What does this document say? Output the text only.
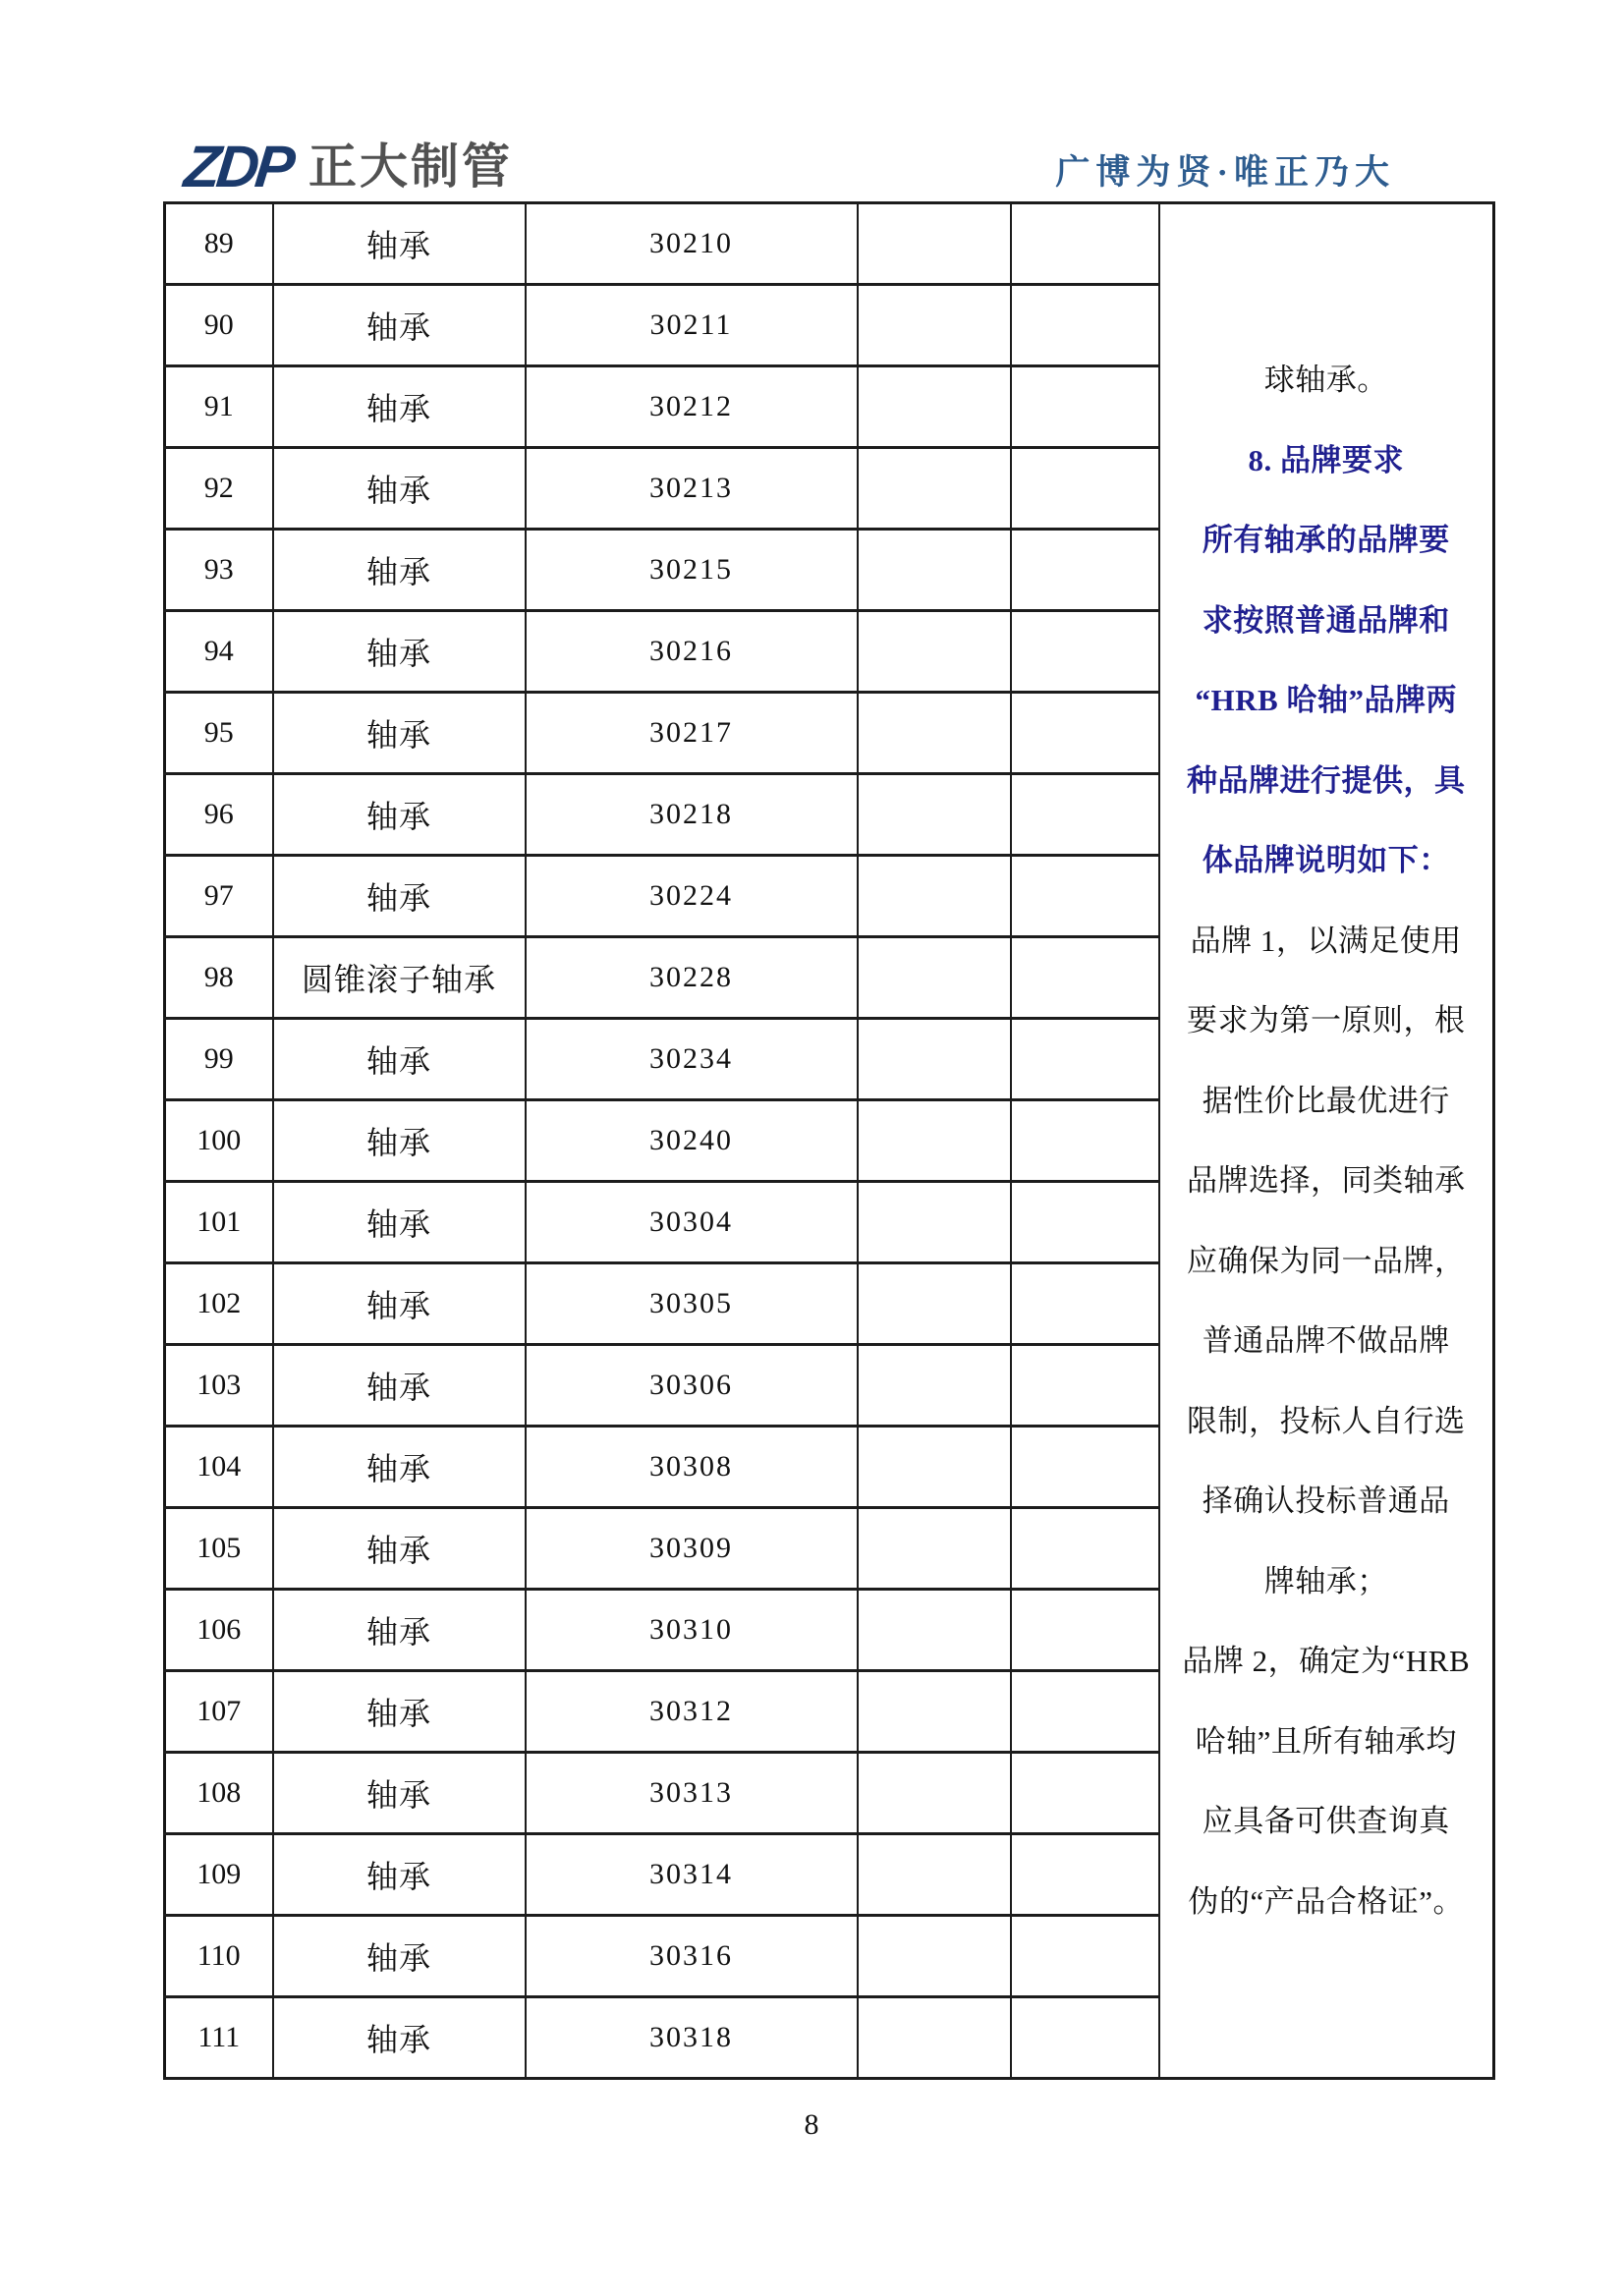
ZDP 正大制管	广博为贤·唯正乃大
89	轴承	30210			
球轴承。
8. 品牌要求
所有轴承的品牌要
求按照普通品牌和
“HRB 哈轴”品牌两
种品牌进行提供，具
体品牌说明如下：
品牌 1，以满足使用
要求为第一原则，根
据性价比最优进行
品牌选择，同类轴承
应确保为同一品牌，
普通品牌不做品牌
限制，投标人自行选
择确认投标普通品
牌轴承；
品牌 2，确定为“HRB
哈轴”且所有轴承均
应具备可供查询真
伪的“产品合格证”。

90	轴承	30211			
91	轴承	30212			
92	轴承	30213			
93	轴承	30215			
94	轴承	30216			
95	轴承	30217			
96	轴承	30218			
97	轴承	30224			
98	圆锥滚子轴承	30228			
99	轴承	30234			
100	轴承	30240			
101	轴承	30304			
102	轴承	30305			
103	轴承	30306			
104	轴承	30308			
105	轴承	30309			
106	轴承	30310			
107	轴承	30312			
108	轴承	30313			
109	轴承	30314			
110	轴承	30316			
111	轴承	30318			
8
